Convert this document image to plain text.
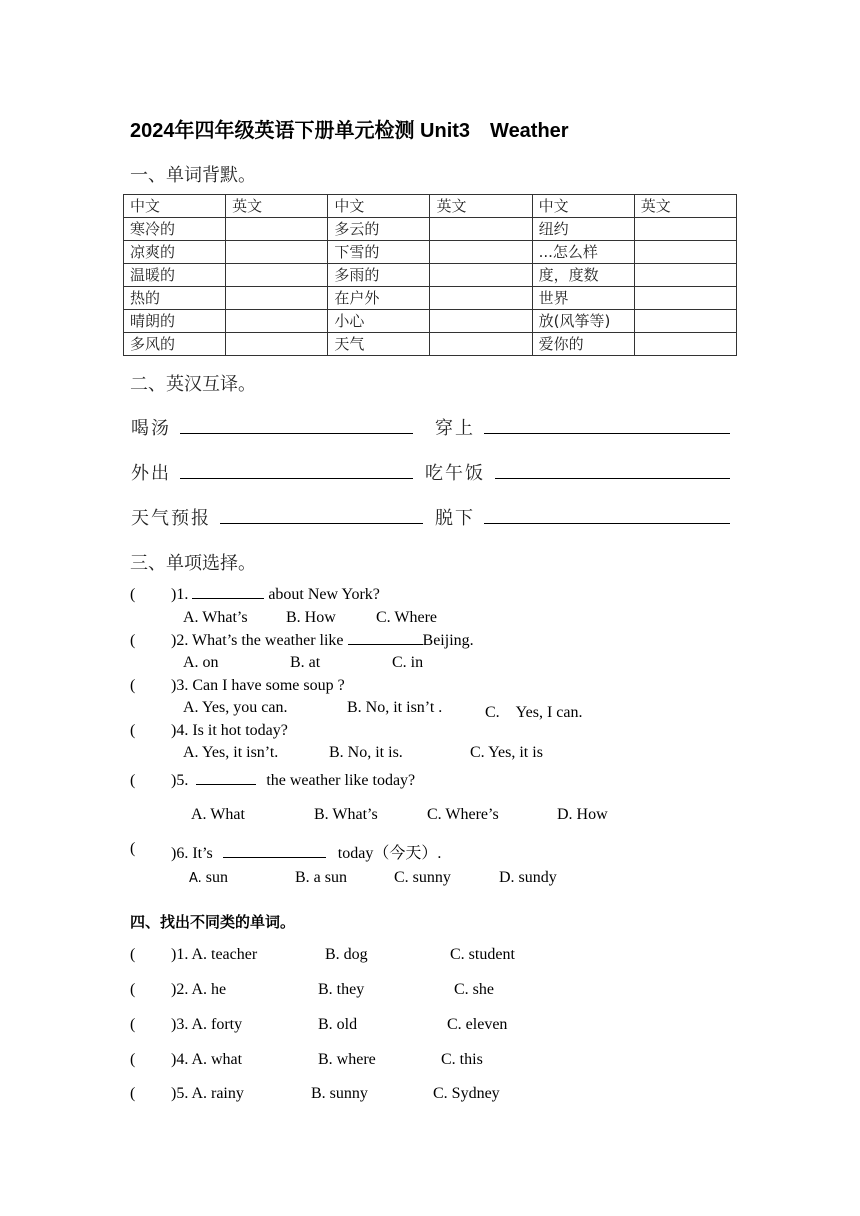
2024年四年级英语下册单元检测 Unit3　Weather
一、单词背默。
中文	英文	中文	英文	中文	英文
寒冷的		多云的		纽约	
凉爽的		下雪的		...怎么样	
温暖的		多雨的		度，度数	
热的		在户外		世界	
晴朗的		小心		放(风筝等)	
多风的		天气		爱你的	
二、英汉互译。
喝汤	穿上
外出	吃午饭
天气预报	脱下
三、单项选择。
( )1.	about New York?
A. What’s B. How	C. Where
( )2. What’s the weather like	Beijing.
A. on	B. at	C. in
( )3. Can I have some soup ?
A. Yes, you can.	B. No, it isn’t .	C.　Yes, I can.
( )4. Is it hot today?
A. Yes, it isn’t.	B. No, it is.	C. Yes, it is
( )5.	the weather like today?
A. What	B. What’s	C. Where’s	D. How
( )6. It’s	today（今天）.
A. sun	B. a sun	C. sunny	D. sundy
四、找出不同类的单词。
( )1. A. teacher	B. dog	C. student
( )2. A. he	B. they	C. she
( )3. A. forty	B. old	C. eleven
( )4. A. what	B. where	C. this
( )5. A. rainy	B. sunny	C. Sydney
